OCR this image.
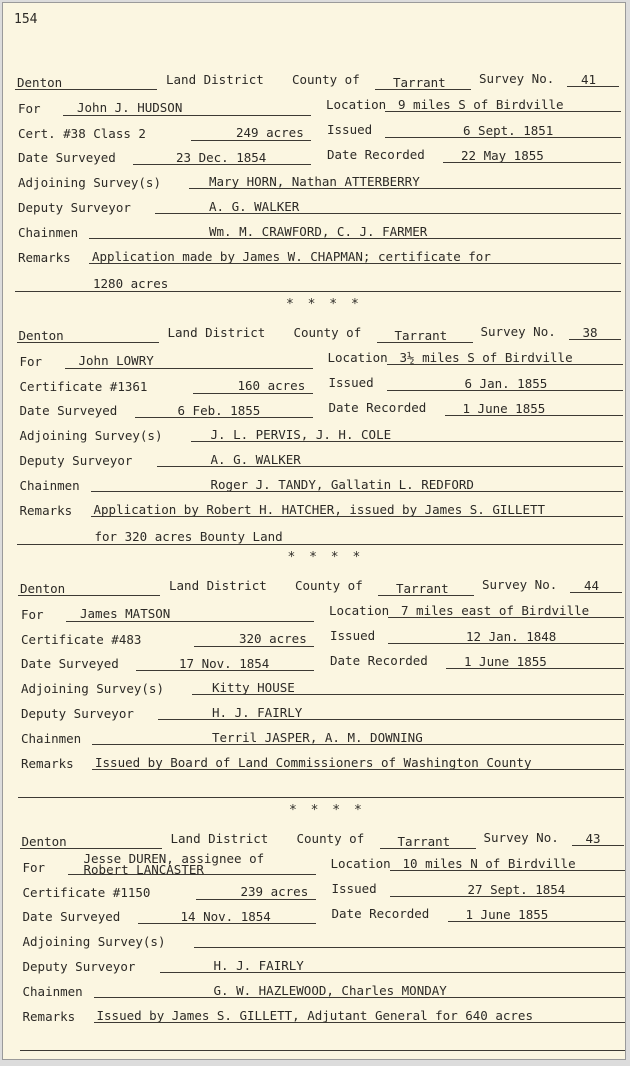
154
Denton	Land District County of	Tarrant	Survey No. 41
For	John J. HUDSON	Location 9 miles S of Birdville
Cert. #38 Class 2	249 acres Issued	6 Sept. 1851
Date Surveyed	23 Dec. 1854	Date Recorded	22 May 1855
Adjoining Survey(s)	Mary HORN, Nathan ATTERBERRY
Deputy Surveyor	A. G. WALKER
Chainmen	Wm. M. CRAWFORD, C. J. FARMER
Remarks Application made by James W. CHAPMAN; certificate for
1280 acres
* * * *
Denton	Land District County of	Tarrant	Survey No. 38
For	John LOWRY	Location 3½ miles S of Birdville
Certificate #1361	160 acres Issued	6 Jan. 1855
Date Surveyed	6 Feb. 1855	Date Recorded	1 June 1855
Adjoining Survey(s)	J. L. PERVIS, J. H. COLE
Deputy Surveyor	A. G. WALKER
Chainmen	Roger J. TANDY, Gallatin L. REDFORD
Remarks Application by Robert H. HATCHER, issued by James S. GILLETT
for 320 acres Bounty Land
* * * *
Denton	Land District County of	Tarrant	Survey No. 44
For	James MATSON	Location 7 miles east of Birdville
Certificate #483	320 acres Issued	12 Jan. 1848
Date Surveyed	17 Nov. 1854	Date Recorded	1 June 1855
Adjoining Survey(s)	Kitty HOUSE
Deputy Surveyor	H. J. FAIRLY
Chainmen	Terril JASPER, A. M. DOWNING
Remarks Issued by Board of Land Commissioners of Washington County
* * * *
Denton	Land District County of	Tarrant	Survey No. 43
For
Jesse DUREN, assignee of
Robert LANCASTER	Location 10 miles N of Birdville
Certificate #1150	239 acres Issued	27 Sept. 1854
Date Surveyed	14 Nov. 1854	Date Recorded	1 June 1855
Adjoining Survey(s)
Deputy Surveyor	H. J. FAIRLY
Chainmen	G. W. HAZLEWOOD, Charles MONDAY
Remarks Issued by James S. GILLETT, Adjutant General for 640 acres
